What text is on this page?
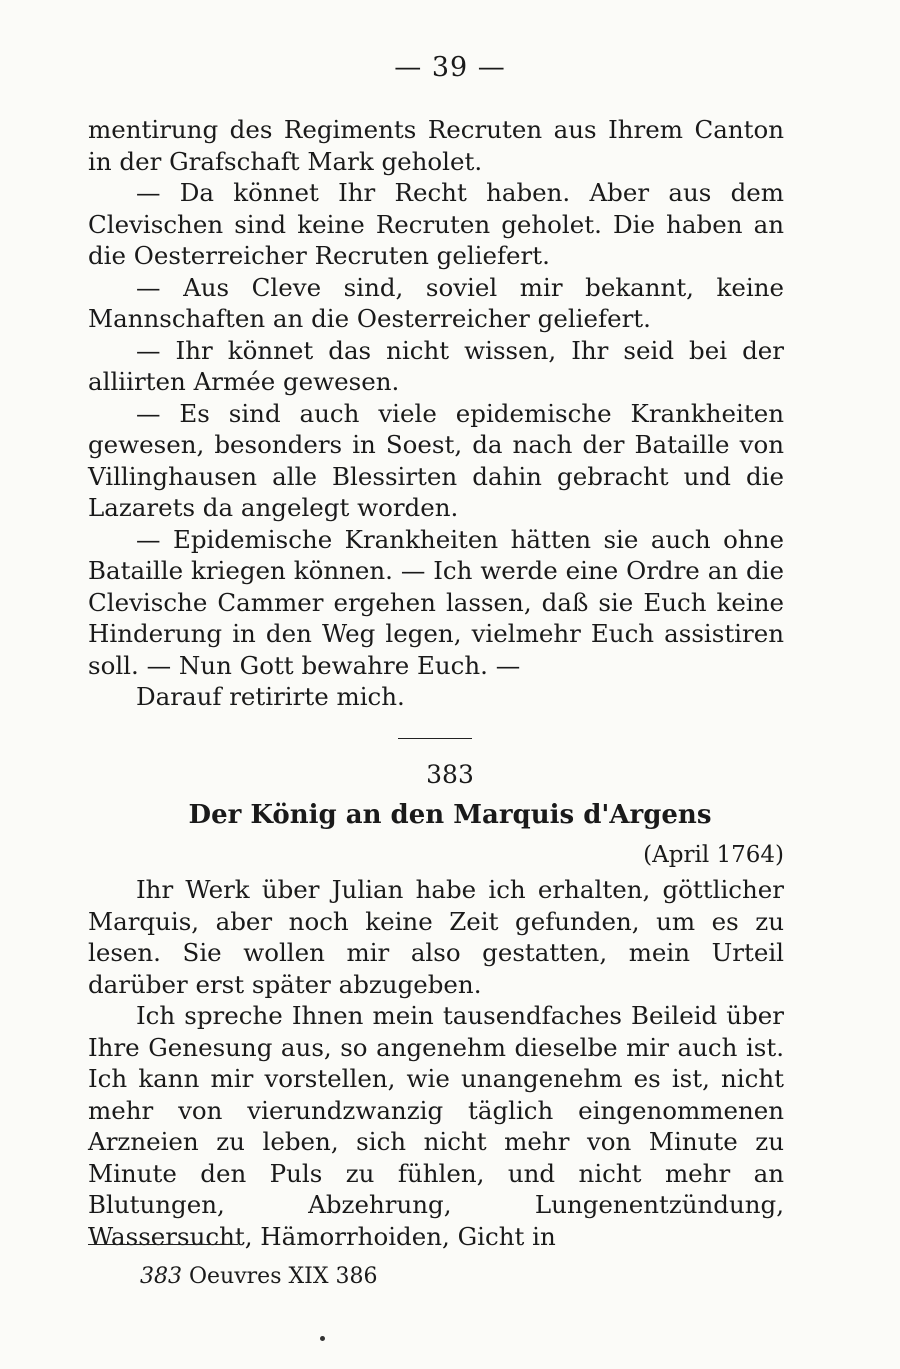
— 39 —

mentirung des Regiments Recruten aus Ihrem Canton in der Grafschaft Mark geholet.

— Da könnet Ihr Recht haben. Aber aus dem Clevischen sind keine Recruten geholet. Die haben an die Oesterreicher Recruten geliefert.

— Aus Cleve sind, soviel mir bekannt, keine Mannschaften an die Oesterreicher geliefert.

— Ihr könnet das nicht wissen, Ihr seid bei der alliirten Armée gewesen.

— Es sind auch viele epidemische Krankheiten gewesen, besonders in Soest, da nach der Bataille von Villinghausen alle Blessirten dahin gebracht und die Lazarets da angelegt worden.

— Epidemische Krankheiten hätten sie auch ohne Bataille kriegen können. — Ich werde eine Ordre an die Clevische Cammer ergehen lassen, daß sie Euch keine Hinderung in den Weg legen, vielmehr Euch assistiren soll. — Nun Gott bewahre Euch. —

Darauf retirirte mich.

383
Der König an den Marquis d'Argens
(April 1764)

Ihr Werk über Julian habe ich erhalten, göttlicher Marquis, aber noch keine Zeit gefunden, um es zu lesen. Sie wollen mir also gestatten, mein Urteil darüber erst später abzugeben.

Ich spreche Ihnen mein tausendfaches Beileid über Ihre Genesung aus, so angenehm dieselbe mir auch ist. Ich kann mir vorstellen, wie unangenehm es ist, nicht mehr von vierundzwanzig täglich eingenommenen Arzneien zu leben, sich nicht mehr von Minute zu Minute den Puls zu fühlen, und nicht mehr an Blutungen, Abzehrung, Lungenentzündung, Wassersucht, Hämorrhoiden, Gicht in

383 Oeuvres XIX 386
